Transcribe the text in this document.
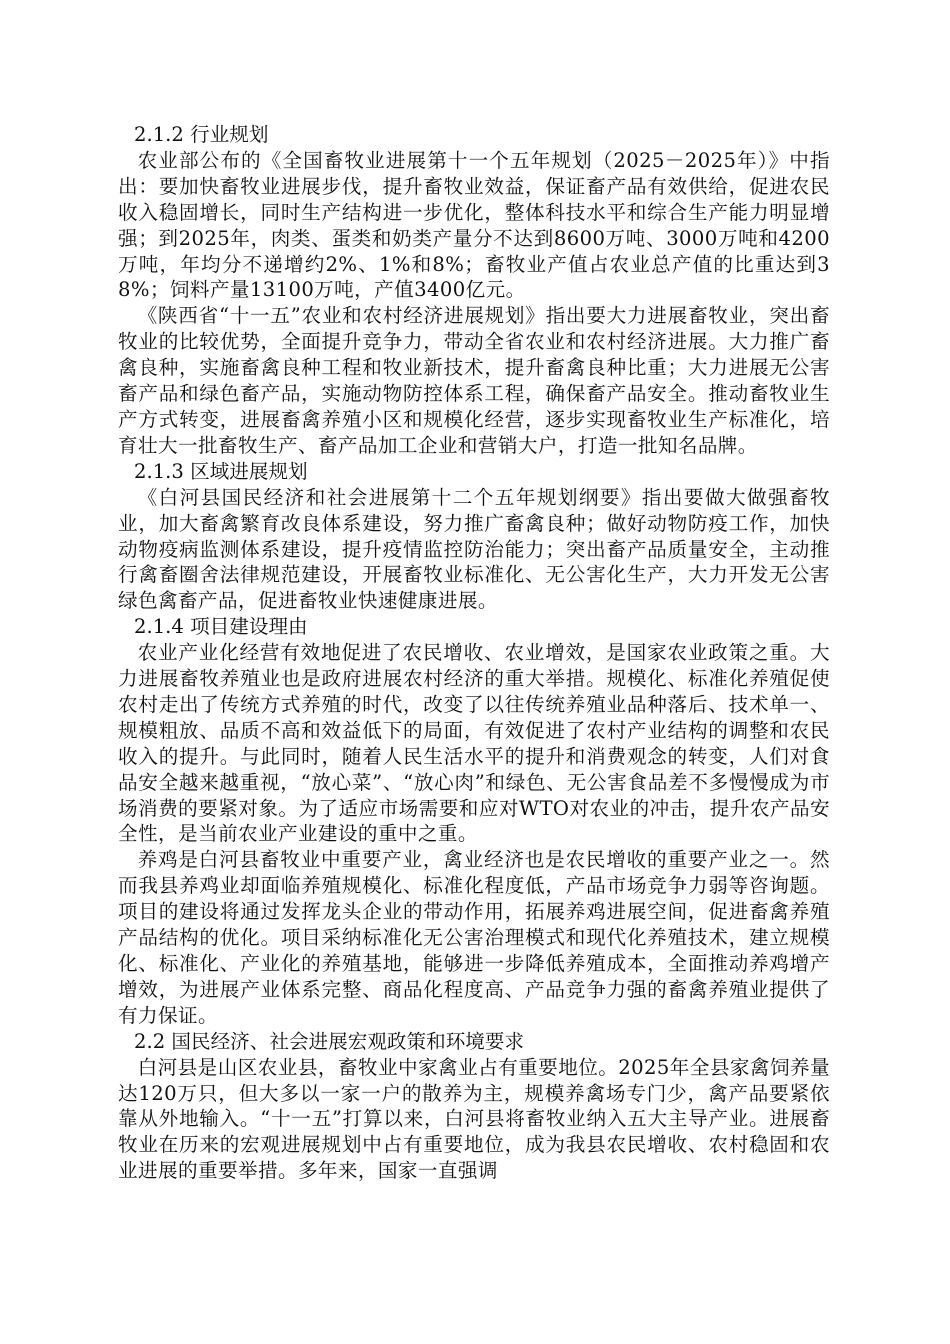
2.1.2 行业规划
农业部公布的《全国畜牧业进展第十一个五年规划（2025－2025年）》中指出：要加快畜牧业进展步伐，提升畜牧业效益，保证畜产品有效供给，促进农民收入稳固增长，同时生产结构进一步优化，整体科技水平和综合生产能力明显增强；到2025年，肉类、蛋类和奶类产量分不达到8600万吨、3000万吨和4200万吨，年均分不递增约2%、1%和8%；畜牧业产值占农业总产值的比重达到38%；饲料产量13100万吨，产值3400亿元。
《陕西省“十一五”农业和农村经济进展规划》指出要大力进展畜牧业，突出畜牧业的比较优势，全面提升竞争力，带动全省农业和农村经济进展。大力推广畜禽良种，实施畜禽良种工程和牧业新技术，提升畜禽良种比重；大力进展无公害畜产品和绿色畜产品，实施动物防控体系工程，确保畜产品安全。推动畜牧业生产方式转变，进展畜禽养殖小区和规模化经营，逐步实现畜牧业生产标准化，培育壮大一批畜牧生产、畜产品加工企业和营销大户，打造一批知名品牌。
2.1.3 区域进展规划
《白河县国民经济和社会进展第十二个五年规划纲要》指出要做大做强畜牧业，加大畜禽繁育改良体系建设，努力推广畜禽良种；做好动物防疫工作，加快动物疫病监测体系建设，提升疫情监控防治能力；突出畜产品质量安全，主动推行禽畜圈舍法律规范建设，开展畜牧业标准化、无公害化生产，大力开发无公害绿色禽畜产品，促进畜牧业快速健康进展。
2.1.4 项目建设理由
农业产业化经营有效地促进了农民增收、农业增效，是国家农业政策之重。大力进展畜牧养殖业也是政府进展农村经济的重大举措。规模化、标准化养殖促使农村走出了传统方式养殖的时代，改变了以往传统养殖业品种落后、技术单一、规模粗放、品质不高和效益低下的局面，有效促进了农村产业结构的调整和农民收入的提升。与此同时，随着人民生活水平的提升和消费观念的转变，人们对食品安全越来越重视，“放心菜”、“放心肉”和绿色、无公害食品差不多慢慢成为市场消费的要紧对象。为了适应市场需要和应对WTO对农业的冲击，提升农产品安全性，是当前农业产业建设的重中之重。
养鸡是白河县畜牧业中重要产业，禽业经济也是农民增收的重要产业之一。然而我县养鸡业却面临养殖规模化、标准化程度低，产品市场竞争力弱等咨询题。项目的建设将通过发挥龙头企业的带动作用，拓展养鸡进展空间，促进畜禽养殖产品结构的优化。项目采纳标准化无公害治理模式和现代化养殖技术，建立规模化、标准化、产业化的养殖基地，能够进一步降低养殖成本，全面推动养鸡增产增效，为进展产业体系完整、商品化程度高、产品竞争力强的畜禽养殖业提供了有力保证。
2.2 国民经济、社会进展宏观政策和环境要求
白河县是山区农业县，畜牧业中家禽业占有重要地位。2025年全县家禽饲养量达120万只，但大多以一家一户的散养为主，规模养禽场专门少，禽产品要紧依靠从外地输入。“十一五”打算以来，白河县将畜牧业纳入五大主导产业。进展畜牧业在历来的宏观进展规划中占有重要地位，成为我县农民增收、农村稳固和农业进展的重要举措。多年来，国家一直强调
